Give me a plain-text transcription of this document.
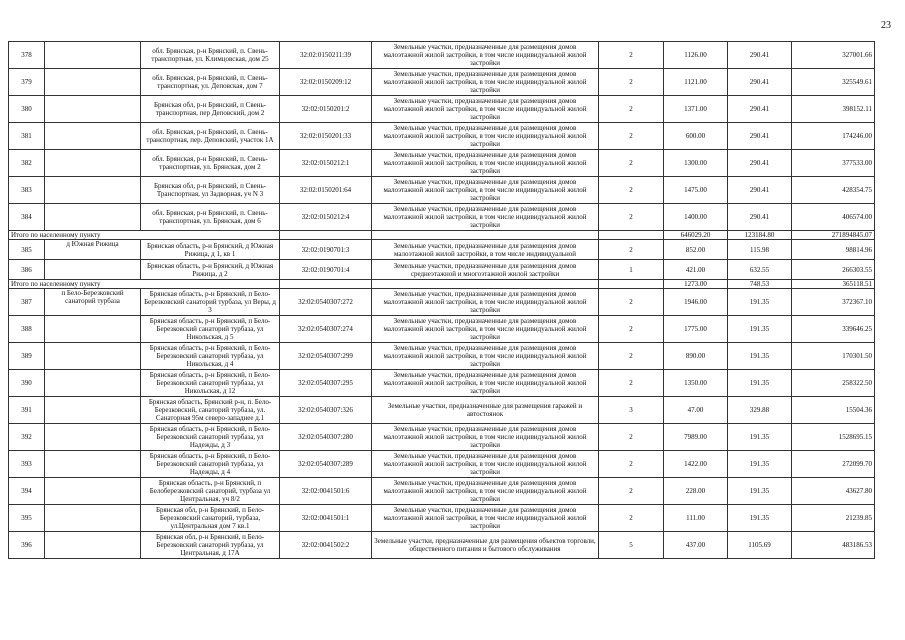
23
378		обл. Брянская, р-н Брянский, п. Свень-транспортная, ул. Климцовская, дом 25	32:02:0150211:39	Земельные участки, предназначенные для размещения домов малоэтажной жилой застройки, в том числе индивидуальной жилой застройки	2	1126.00	290.41	327001.66
379		обл. Брянская, р-н Брянский, п. Свень-транспортная, ул. Деповская, дом 7	32:02:0150209:12	Земельные участки, предназначенные для размещения домов малоэтажной жилой застройки, в том числе индивидуальной жилой застройки	2	1121.00	290.41	325549.61
380		Брянская обл, р-н Брянский, п Свень-транспортная, пер Деповский, дом 2	32:02:0150201:2	Земельные участки, предназначенные для размещения домов малоэтажной жилой застройки, в том числе индивидуальной жилой застройки	2	1371.00	290.41	398152.11
381		обл. Брянская, р-н Брянский, п. Свень-транспортная, пер. Деповский, участок 1А	32:02:0150201:33	Земельные участки, предназначенные для размещения домов малоэтажной жилой застройки, в том числе индивидуальной жилой застройки	2	600.00	290.41	174246.00
382		обл. Брянская, р-н Брянский, п. Свень-транспортная, ул. Брянская, дом 2	32:02:0150212:1	Земельные участки, предназначенные для размещения домов малоэтажной жилой застройки, в том числе индивидуальной жилой застройки	2	1300.00	290.41	377533.00
383		Брянская обл, р-н Брянский, п Свень-Транспортная, ул Задворная, уч N 3	32:02:0150201:64	Земельные участки, предназначенные для размещения домов малоэтажной жилой застройки, в том числе индивидуальной жилой застройки	2	1475.00	290.41	428354.75
384		обл. Брянская, р-н Брянский, п. Свень-транспортная, ул. Брянская, дом 6	32:02:0150212:4	Земельные участки, предназначенные для размещения домов малоэтажной жилой застройки, в том числе индивидуальной жилой застройки	2	1400.00	290.41	406574.00
Итого по населенному пункту						646029.20	123184.80	271894845.07
385	д Южная Рижица	Брянская область, р-н Брянский, д Южная Рижица, д 1, кв 1	32:02:0190701:3	Земельные участки, предназначенные для размещения домов малоэтажной жилой застройки, в том числе индивидуальной	2	852.00	115.98	98814.96
386		Брянская область, р-н Брянский, д Южная Рижица, д 2	32:02:0190701:4	Земельные участки, предназначенные для размещения домов среднеэтажной и многоэтажной жилой застройки	1	421.00	632.55	266303.55
Итого по населенному пункту						1273.00	748.53	365118.51
387	п Бело-Березковский санаторий турбаза	Брянская область, р-н Брянский, п Бело-Березковский санаторий турбаза, ул Веры, д 3	32:02:0540307:272	Земельные участки, предназначенные для размещения домов малоэтажной жилой застройки, в том числе индивидуальной жилой застройки	2	1946.00	191.35	372367.10
388		Брянская область, р-н Брянский, п Бело-Березковский санаторий турбаза, ул Никольская, д 5	32:02:0540307:274	Земельные участки, предназначенные для размещения домов малоэтажной жилой застройки, в том числе индивидуальной жилой застройки	2	1775.00	191.35	339646.25
389		Брянская область, р-н Брянский, п Бело-Березковский санаторий турбаза, ул Никольская, д 4	32:02:0540307:299	Земельные участки, предназначенные для размещения домов малоэтажной жилой застройки, в том числе индивидуальной жилой застройки	2	890.00	191.35	170301.50
390		Брянская область, р-н Брянский, п Бело-Березковский санаторий турбаза, ул Никольская, д 12	32:02:0540307:295	Земельные участки, предназначенные для размещения домов малоэтажной жилой застройки, в том числе индивидуальной жилой застройки	2	1350.00	191.35	258322.50
391		Брянская область, Брянский р-н, п. Бело-Березковский, санаторий турбаза, ул. Санаторная 95м северо-западнее д.1	32:02:0540307:326	Земельные участки, предназначенные для размещения гаражей и автостоянок	3	47.00	329.88	15504.36
392		Брянская область, р-н Брянский, п Бело-Березковский санаторий турбаза, ул Надежды, д 3	32:02:0540307:280	Земельные участки, предназначенные для размещения домов малоэтажной жилой застройки, в том числе индивидуальной жилой застройки	2	7989.00	191.35	1528695.15
393		Брянская область, р-н Брянский, п Бело-Березковский санаторий турбаза, ул Надежды, д 4	32:02:0540307:289	Земельные участки, предназначенные для размещения домов малоэтажной жилой застройки, в том числе индивидуальной жилой застройки	2	1422.00	191.35	272099.70
394		Брянская область, р-н Брянский, п Белоберезковский санаторий, турбаза ул Центральная, уч 8/2	32:02:0041501:6	Земельные участки, предназначенные для размещения домов малоэтажной жилой застройки, в том числе индивидуальной жилой застройки	2	228.00	191.35	43627.80
395		Брянская обл, р-н Брянский, п Бело-Березковский санаторий, турбаза, ул.Центральная дом 7 кв.1	32:02:0041501:1	Земельные участки, предназначенные для размещения домов малоэтажной жилой застройки, в том числе индивидуальной жилой застройки	2	111.00	191.35	21239.85
396		Брянская обл, р-н Брянский, п Бело-Березковский санаторий турбаза, ул Центральная, д 17А	32:02:0041502:2	Земельные участки, предназначенные для размещения объектов торговли, общественного питания и бытового обслуживания	5	437.00	1105.69	483186.53
